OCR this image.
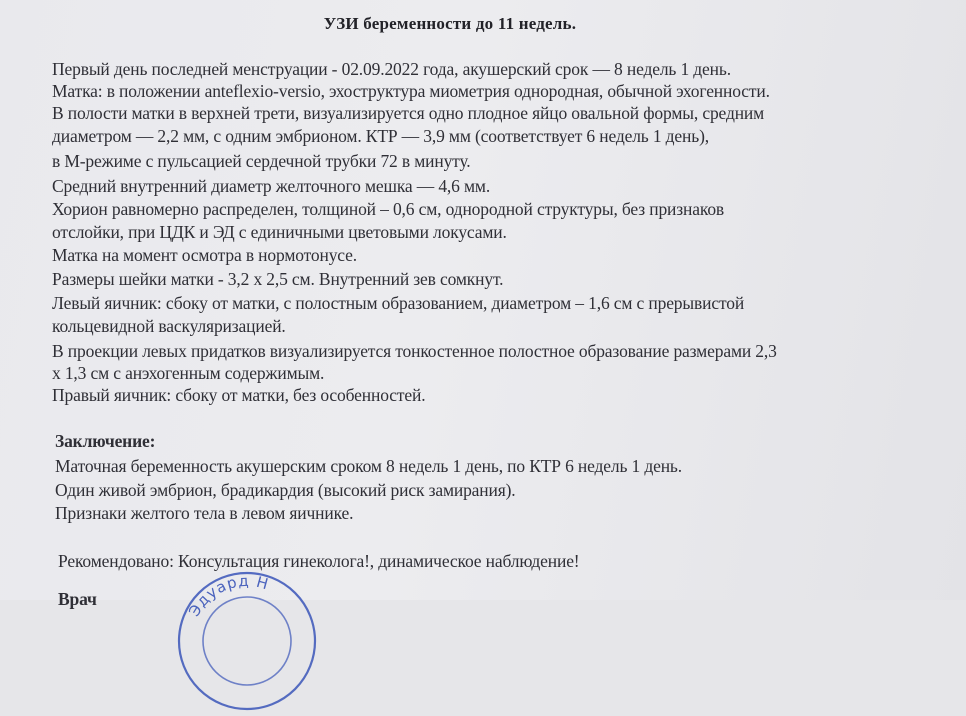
УЗИ беременности до 11 недель.
Первый день последней менструации - 02.09.2022 года, акушерский срок — 8 недель 1 день.
Матка: в положении anteflexio-versio, эхоструктура миометрия однородная, обычной эхогенности.
В полости матки в верхней трети, визуализируется одно плодное яйцо овальной формы, средним
диаметром — 2,2 мм, с одним эмбрионом. КТР — 3,9 мм (соответствует 6 недель 1 день),
в М-режиме с пульсацией сердечной трубки 72 в минуту.
Средний внутренний диаметр желточного мешка — 4,6 мм.
Хорион равномерно распределен, толщиной – 0,6 см, однородной структуры, без признаков
отслойки, при ЦДК и ЭД с единичными цветовыми локусами.
Матка на момент осмотра в нормотонусе.
Размеры шейки матки - 3,2 х 2,5 см. Внутренний зев сомкнут.
Левый яичник: сбоку от матки, с полостным образованием, диаметром – 1,6 см с прерывистой
кольцевидной васкуляризацией.
В проекции левых придатков визуализируется тонкостенное полостное образование размерами 2,3
х 1,3 см с анэхогенным содержимым.
Правый яичник: сбоку от матки, без особенностей.
Заключение:
Маточная беременность акушерским сроком 8 недель 1 день, по КТР 6 недель 1 день.
Один живой эмбрион, брадикардия (высокий риск замирания).
Признаки желтого тела в левом яичнике.
Рекомендовано: Консультация гинеколога!, динамическое наблюдение!
Врач
Эдуард Н
